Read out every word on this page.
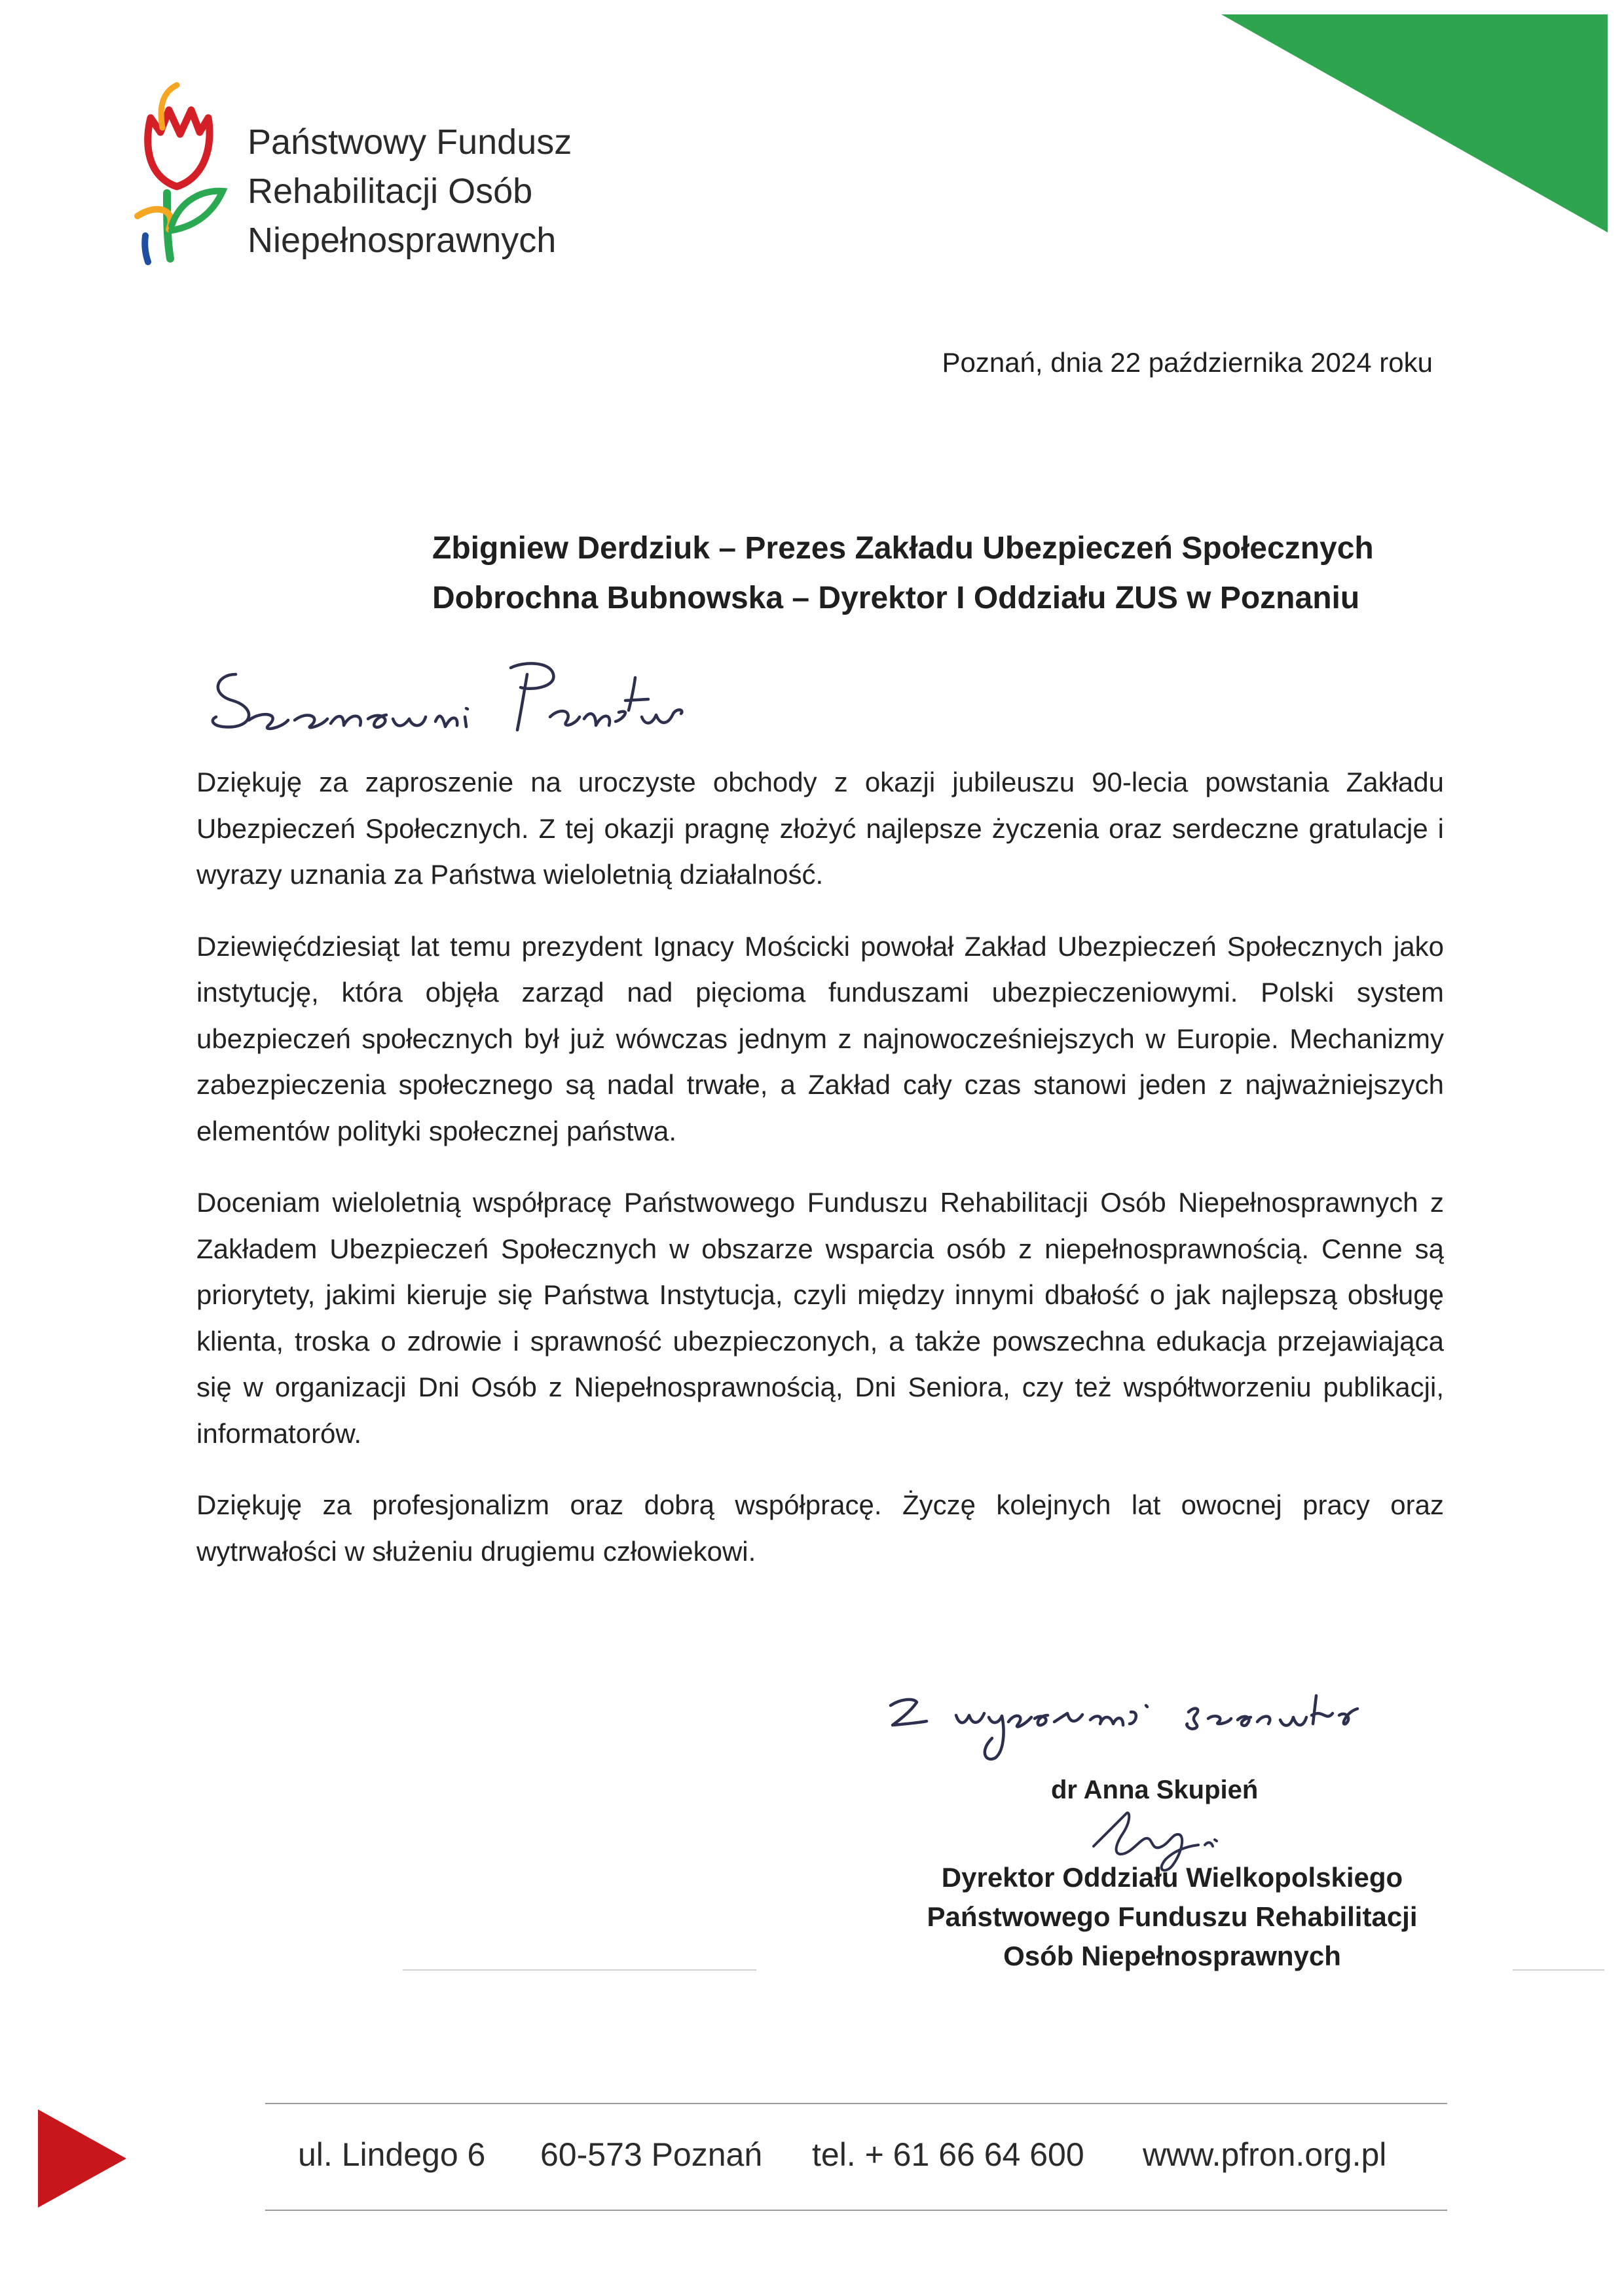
Państwowy Fundusz
Rehabilitacji Osób
Niepełnosprawnych
Poznań, dnia 22 października 2024 roku
Zbigniew Derdziuk – Prezes Zakładu Ubezpieczeń Społecznych
Dobrochna Bubnowska – Dyrektor I Oddziału ZUS w Poznaniu

Dziękuję za zaproszenie na uroczyste obchody z okazji jubileuszu 90-lecia powstania Zakładu Ubezpieczeń Społecznych. Z tej okazji pragnę złożyć najlepsze życzenia oraz serdeczne gratulacje i wyrazy uznania za Państwa wieloletnią działalność.

Dziewięćdziesiąt lat temu prezydent Ignacy Mościcki powołał Zakład Ubezpieczeń Społecznych jako instytucję, która objęła zarząd nad pięcioma funduszami ubezpieczeniowymi. Polski system ubezpieczeń społecznych był już wówczas jednym z najnowocześniejszych w Europie. Mechanizmy zabezpieczenia społecznego są nadal trwałe, a Zakład cały czas stanowi jeden z najważniejszych elementów polityki społecznej państwa.

Doceniam wieloletnią współpracę Państwowego Funduszu Rehabilitacji Osób Niepełnosprawnych z Zakładem Ubezpieczeń Społecznych w obszarze wsparcia osób z niepełnosprawnością. Cenne są priorytety, jakimi kieruje się Państwa Instytucja, czyli między innymi dbałość o jak najlepszą obsługę klienta, troska o zdrowie i sprawność ubezpieczonych, a także powszechna edukacja przejawiająca się w organizacji Dni Osób z Niepełnosprawnością, Dni Seniora, czy też współtworzeniu publikacji, informatorów.

Dziękuję za profesjonalizm oraz dobrą współpracę. Życzę kolejnych lat owocnej pracy oraz wytrwałości w służeniu drugiemu człowiekowi.

dr Anna Skupień
Dyrektor Oddziału Wielkopolskiego
Państwowego Funduszu Rehabilitacji
Osób Niepełnosprawnych
ul. Lindego 6 60-573 Poznań tel. + 61 66 64 600 www.pfron.org.pl
